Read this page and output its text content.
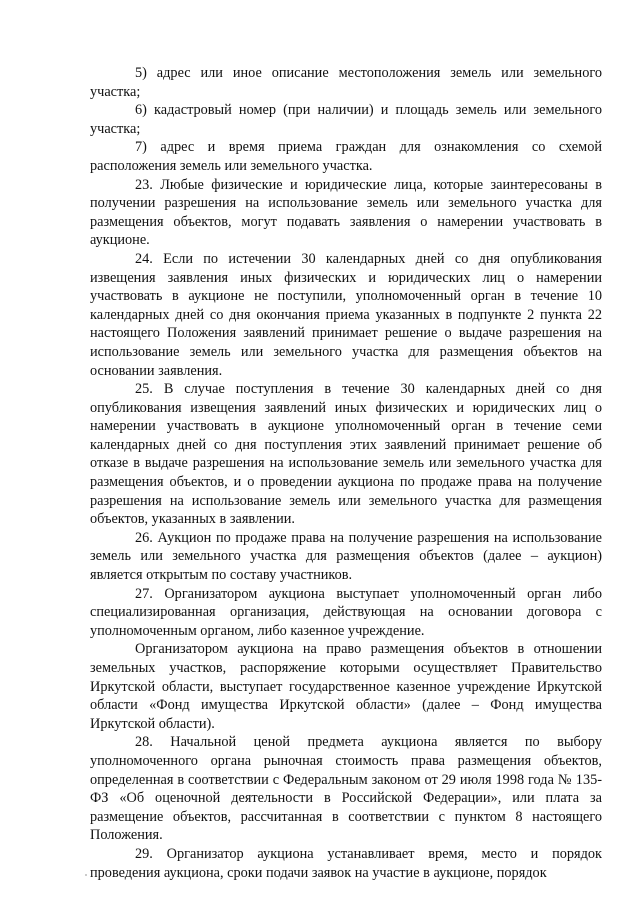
5) адрес или иное описание местоположения земель или земельного участка;

6) кадастровый номер (при наличии) и площадь земель или земельного участка;

7) адрес и время приема граждан для ознакомления со схемой расположения земель или земельного участка.

23. Любые физические и юридические лица, которые заинтересованы в получении разрешения на использование земель или земельного участка для размещения объектов, могут подавать заявления о намерении участвовать в аукционе.

24. Если по истечении 30 календарных дней со дня опубликования извещения заявления иных физических и юридических лиц о намерении участвовать в аукционе не поступили, уполномоченный орган в течение 10 календарных дней со дня окончания приема указанных в подпункте 2 пункта 22 настоящего Положения заявлений принимает решение о выдаче разрешения на использование земель или земельного участка для размещения объектов на основании заявления.

25. В случае поступления в течение 30 календарных дней со дня опубликования извещения заявлений иных физических и юридических лиц о намерении участвовать в аукционе уполномоченный орган в течение семи календарных дней со дня поступления этих заявлений принимает решение об отказе в выдаче разрешения на использование земель или земельного участка для размещения объектов, и о проведении аукциона по продаже права на получение разрешения на использование земель или земельного участка для размещения объектов, указанных в заявлении.

26. Аукцион по продаже права на получение разрешения на использование земель или земельного участка для размещения объектов (далее – аукцион) является открытым по составу участников.

27. Организатором аукциона выступает уполномоченный орган либо специализированная организация, действующая на основании договора с уполномоченным органом, либо казенное учреждение.

Организатором аукциона на право размещения объектов в отношении земельных участков, распоряжение которыми осуществляет Правительство Иркутской области, выступает государственное казенное учреждение Иркутской области «Фонд имущества Иркутской области» (далее – Фонд имущества Иркутской области).

28. Начальной ценой предмета аукциона является по выбору уполномоченного органа рыночная стоимость права размещения объектов, определенная в соответствии с Федеральным законом от 29 июля 1998 года № 135-ФЗ «Об оценочной деятельности в Российской Федерации», или плата за размещение объектов, рассчитанная в соответствии с пунктом 8 настоящего Положения.

29. Организатор аукциона устанавливает время, место и порядок проведения аукциона, сроки подачи заявок на участие в аукционе, порядок
